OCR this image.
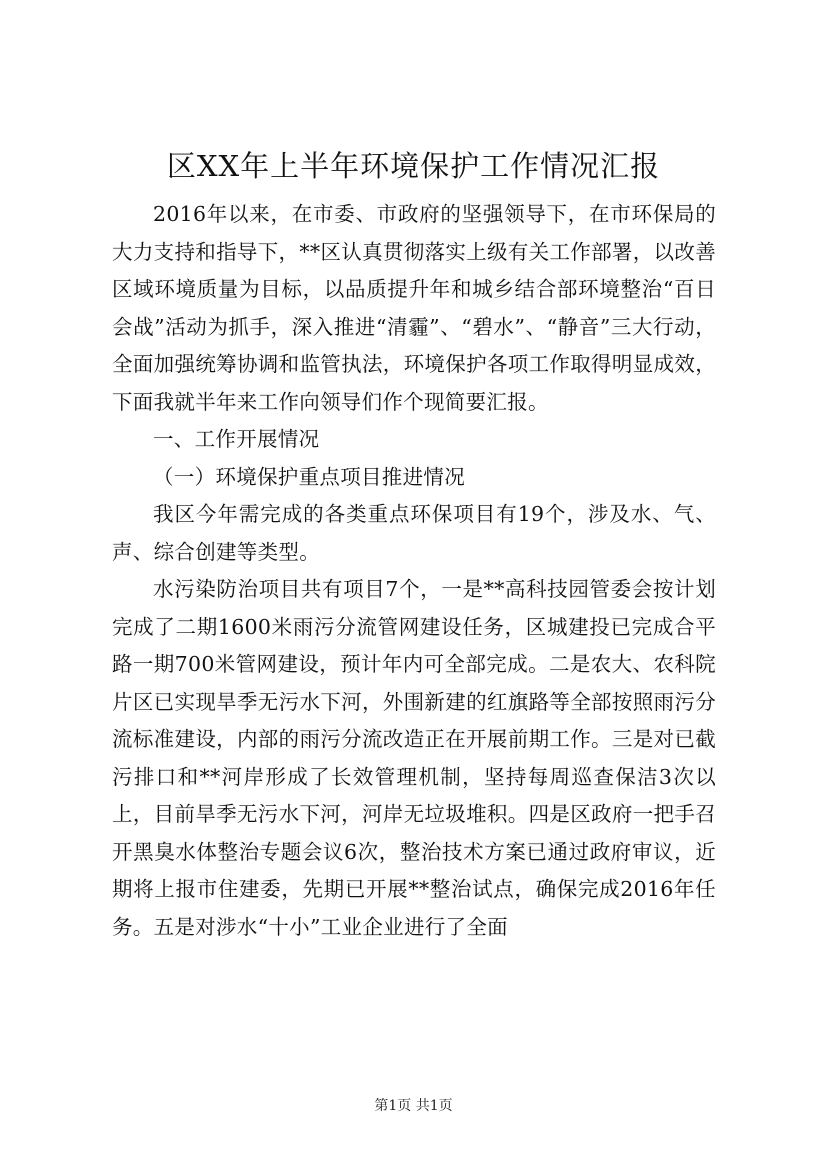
区XX年上半年环境保护工作情况汇报

2016年以来，在市委、市政府的坚强领导下，在市环保局的大力支持和指导下，**区认真贯彻落实上级有关工作部署，以改善区域环境质量为目标，以品质提升年和城乡结合部环境整治“百日会战”活动为抓手，深入推进“清霾”、“碧水”、“静音”三大行动，全面加强统筹协调和监管执法，环境保护各项工作取得明显成效，下面我就半年来工作向领导们作个现简要汇报。

一、工作开展情况

（一）环境保护重点项目推进情况

我区今年需完成的各类重点环保项目有19个，涉及水、气、声、综合创建等类型。

水污染防治项目共有项目7个，一是**高科技园管委会按计划完成了二期1600米雨污分流管网建设任务，区城建投已完成合平路一期700米管网建设，预计年内可全部完成。二是农大、农科院片区已实现旱季无污水下河，外围新建的红旗路等全部按照雨污分流标准建设，内部的雨污分流改造正在开展前期工作。三是对已截污排口和**河岸形成了长效管理机制，坚持每周巡查保洁3次以上，目前旱季无污水下河，河岸无垃圾堆积。四是区政府一把手召开黑臭水体整治专题会议6次，整治技术方案已通过政府审议，近期将上报市住建委，先期已开展**整治试点，确保完成2016年任务。五是对涉水“十小”工业企业进行了全面

第1页 共1页
